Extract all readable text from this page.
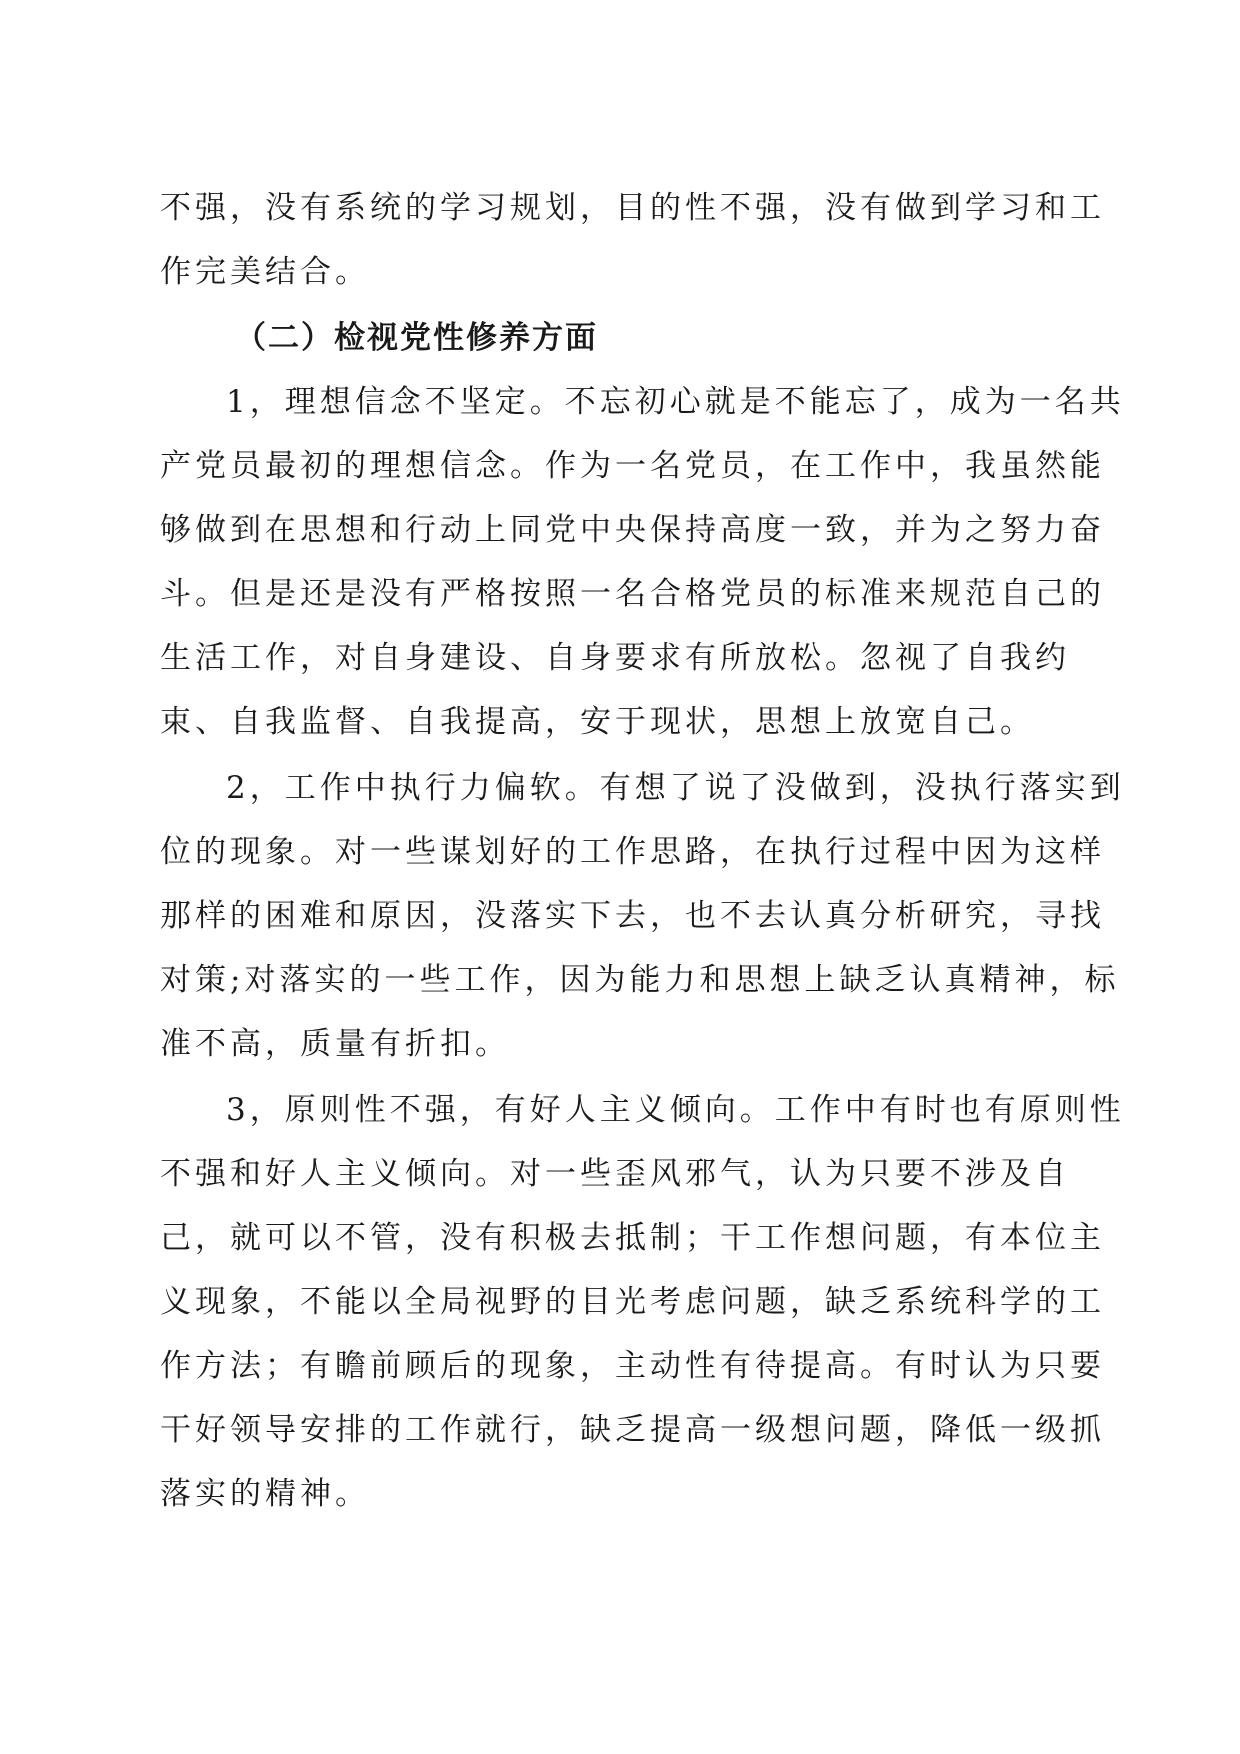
不强，没有系统的学习规划，目的性不强，没有做到学习和工
作完美结合。
（二）检视党性修养方面
1，理想信念不坚定。不忘初心就是不能忘了，成为一名共
产党员最初的理想信念。作为一名党员，在工作中，我虽然能
够做到在思想和行动上同党中央保持高度一致，并为之努力奋
斗。但是还是没有严格按照一名合格党员的标准来规范自己的
生活工作，对自身建设、自身要求有所放松。忽视了自我约
束、自我监督、自我提高，安于现状，思想上放宽自己。
2，工作中执行力偏软。有想了说了没做到，没执行落实到
位的现象。对一些谋划好的工作思路，在执行过程中因为这样
那样的困难和原因，没落实下去，也不去认真分析研究，寻找
对策;对落实的一些工作，因为能力和思想上缺乏认真精神，标
准不高，质量有折扣。
3，原则性不强，有好人主义倾向。工作中有时也有原则性
不强和好人主义倾向。对一些歪风邪气，认为只要不涉及自
己，就可以不管，没有积极去抵制；干工作想问题，有本位主
义现象，不能以全局视野的目光考虑问题，缺乏系统科学的工
作方法；有瞻前顾后的现象，主动性有待提高。有时认为只要
干好领导安排的工作就行，缺乏提高一级想问题，降低一级抓
落实的精神。
